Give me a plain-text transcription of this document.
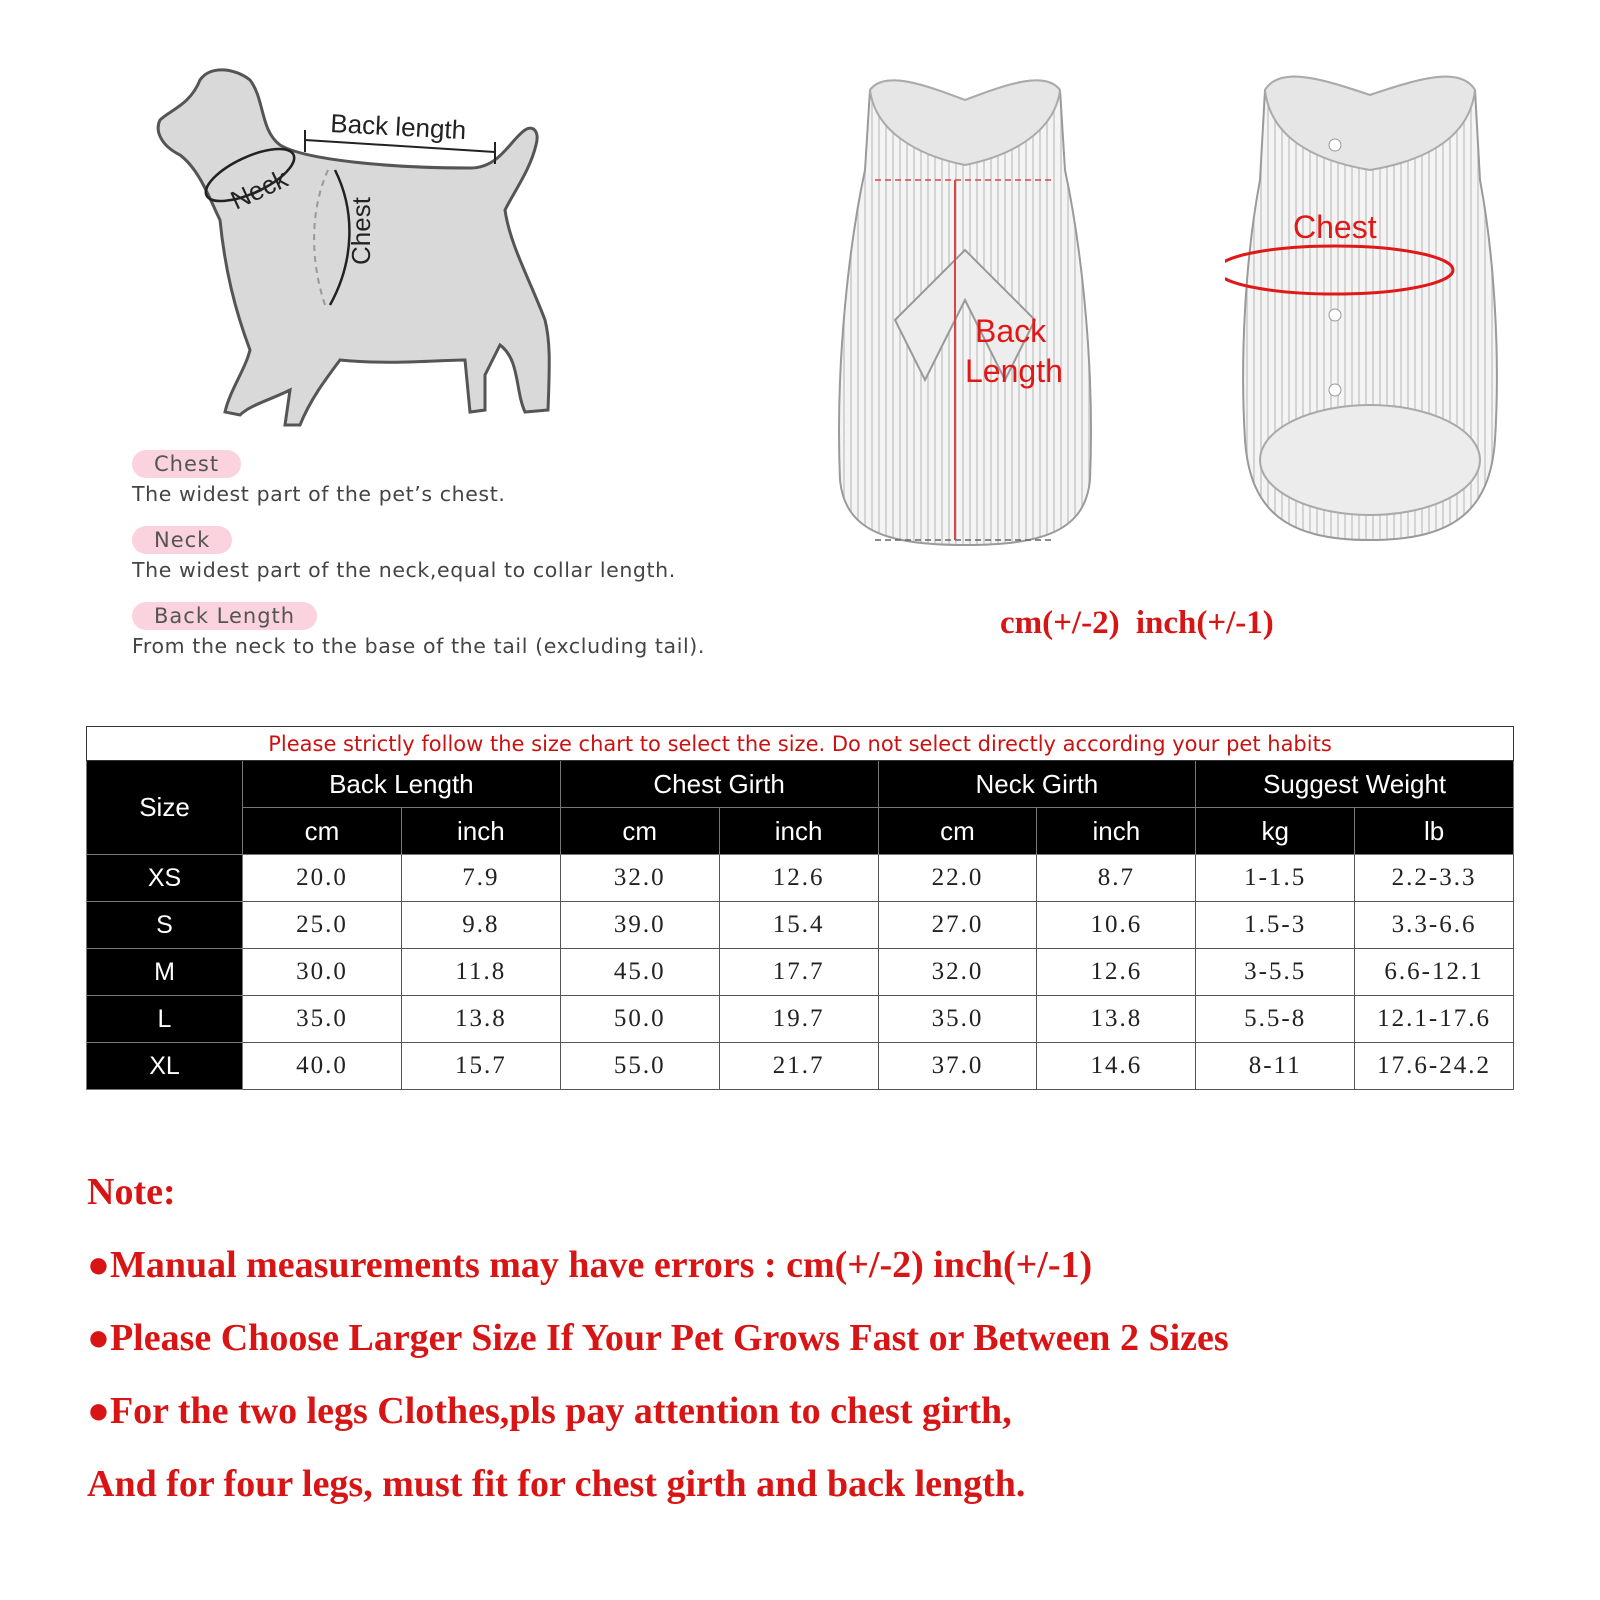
Back length
Neck
Chest
Chest
The widest part of the pet’s chest.
Neck
The widest part of the neck,equal to collar length.
Back Length
From the neck to the base of the tail (excluding tail).
Back
Length
Chest
cm(+/-2) inch(+/-1)
Please strictly follow the size chart to select the size. Do not select directly according your pet habits								
Size	Back Length		Chest Girth		Neck Girth		Suggest Weight	
	cm	inch	cm	inch	cm	inch	kg	lb
XS	20.0	7.9	32.0	12.6	22.0	8.7	1-1.5	2.2-3.3
S	25.0	9.8	39.0	15.4	27.0	10.6	1.5-3	3.3-6.6
M	30.0	11.8	45.0	17.7	32.0	12.6	3-5.5	6.6-12.1
L	35.0	13.8	50.0	19.7	35.0	13.8	5.5-8	12.1-17.6
XL	40.0	15.7	55.0	21.7	37.0	14.6	8-11	17.6-24.2
Note:
●Manual measurements may have errors : cm(+/-2) inch(+/-1)
●Please Choose Larger Size If Your Pet Grows Fast or Between 2 Sizes
●For the two legs Clothes,pls pay attention to chest girth,
And for four legs, must fit for chest girth and back length.
